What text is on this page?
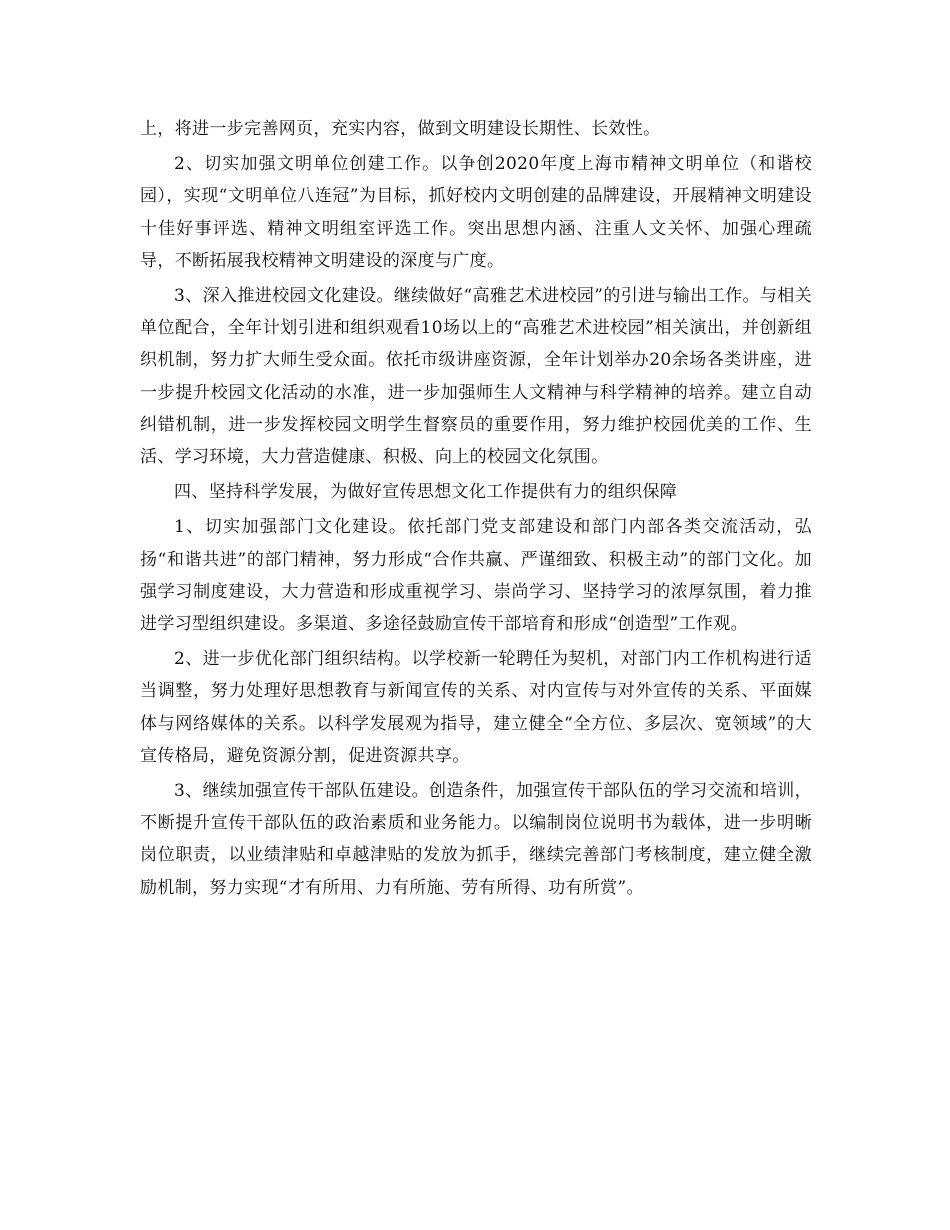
上，将进一步完善网页，充实内容，做到文明建设长期性、长效性。

2、切实加强文明单位创建工作。以争创2020年度上海市精神文明单位（和谐校园），实现“文明单位八连冠”为目标，抓好校内文明创建的品牌建设，开展精神文明建设十佳好事评选、精神文明组室评选工作。突出思想内涵、注重人文关怀、加强心理疏导，不断拓展我校精神文明建设的深度与广度。

3、深入推进校园文化建设。继续做好“高雅艺术进校园”的引进与输出工作。与相关单位配合，全年计划引进和组织观看10场以上的“高雅艺术进校园”相关演出，并创新组织机制，努力扩大师生受众面。依托市级讲座资源，全年计划举办20余场各类讲座，进一步提升校园文化活动的水准，进一步加强师生人文精神与科学精神的培养。建立自动纠错机制，进一步发挥校园文明学生督察员的重要作用，努力维护校园优美的工作、生活、学习环境，大力营造健康、积极、向上的校园文化氛围。

四、坚持科学发展，为做好宣传思想文化工作提供有力的组织保障

1、切实加强部门文化建设。依托部门党支部建设和部门内部各类交流活动，弘扬“和谐共进”的部门精神，努力形成“合作共赢、严谨细致、积极主动”的部门文化。加强学习制度建设，大力营造和形成重视学习、崇尚学习、坚持学习的浓厚氛围，着力推进学习型组织建设。多渠道、多途径鼓励宣传干部培育和形成“创造型”工作观。

2、进一步优化部门组织结构。以学校新一轮聘任为契机，对部门内工作机构进行适当调整，努力处理好思想教育与新闻宣传的关系、对内宣传与对外宣传的关系、平面媒体与网络媒体的关系。以科学发展观为指导，建立健全“全方位、多层次、宽领域”的大宣传格局，避免资源分割，促进资源共享。

3、继续加强宣传干部队伍建设。创造条件，加强宣传干部队伍的学习交流和培训，不断提升宣传干部队伍的政治素质和业务能力。以编制岗位说明书为载体，进一步明晰岗位职责，以业绩津贴和卓越津贴的发放为抓手，继续完善部门考核制度，建立健全激励机制，努力实现“才有所用、力有所施、劳有所得、功有所赏”。
